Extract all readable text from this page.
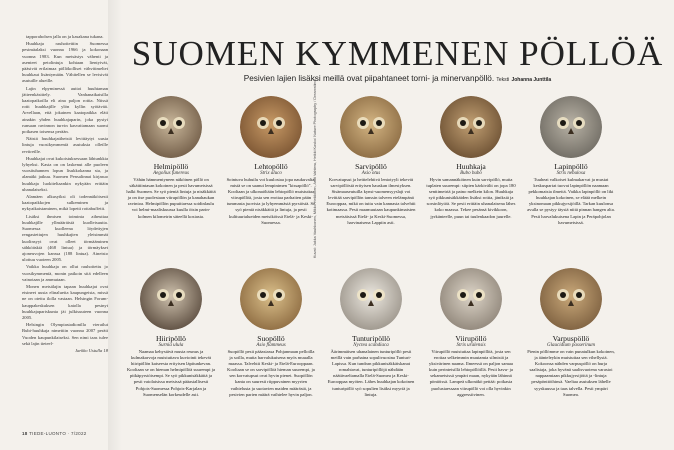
tapporaholsen jalla on ja kasakana tukana.

Huuhkaja rauhoitettiin Suomessa pesimäalaksi vuonna 1966 ja kokonaan vuonna 1983. Kun metsästys vähenti ja asenteet petolintuja kohtaan lientyivät, pääsivät erilaimaa pöllökolliset vähvitimeltet huuhkaut lisäntymään. Vähitellen se levisivät asutuille alueille.

Lajin elpyminessä auttoi huuhtaman jätteenkäsittely. Vanhanaikaisilla kaatopaikoilla eli aina paljon rottia. Niissä rotit huuhkajille ylön kyllin syötävää. Arvellaan, että jokainen kaatopaikka eläti ainakin yhden huuhkajaparin, joka pystyi runsaan ravinnon turvin kasvattamaan suomi poikasen toisensa perään.

Näistä huuhkajatiheistä levittäytyi uusia lintuja vuosikymmeniä asutuksia olleille reviireille.

Huuhkajat ovat kukoistuksessaan lähtunkkia lyhyeksi. Kasta on on laskenut alle puoleen vuosituhannen lopun lisukkokanna sta, ja alamäki jatkuu. Suomen Pensalinnai kirjasuo huuhkaja luokiteltaankin nykyään erittäin uhanalaiseksi.

Alamäen alkusyiksi oli todennäköisesti kaatopaikkojen sulkeminen ja nykyaikaistaminen, mikä lopetti rottabuffetit.

Lisäksi ihmisen toiminta aiheuttaa huuhkajille yllmääräistä kuolleisuutta. Suomessa kuolleena löydettyjen rengastettujen huuhkajien yleisimmät kuolinsyyt ovat olleet törmääminen sähköäskiä (468 lintua) ja törmäykset ajoneuvojen kanssa (188 lintua). Aineisto ulottuu vuoteen 2005.

Vaikka huuhkaja on ollut rauhoitettu jo vuosikymmeniä, monin paikoin sitä edelleen vainotaan ja ammutaan.

Monen metsälajin tapaan huuhkajat ovat etsineet uusia elinalueita kaupungeista, missä ne on otettu ilolla vastaan. Helsingin Forum-kauppakeskuksen katolla pesinyt huuhkajapariskunta jäi julkisuuteen vuonna 2005.

Helsingin Olympiastadionilla vierailut Bubi-huuhkaja nimettiin vuonna 2007 peräti Vuoden kaupunkilaiseksi. Sen nimi taas tulee sekä lajin tieteel-

Jarkko Ustulla 18
18 TIEDE-LUONTO · 7/2022
SUOMEN KYMMENEN PÖLLÖÄ
Pesivien lajien lisäksi meillä ovat piipahtaneet torni- ja minervanpöllö. Teksti Johanna Junttila
Kuvat: Jukka Vauhkonen, Mikko Heikkinen, Antti Vahtera, Heikki Kasko/ Nature Photography / Dreamstime
Helmipöllö
Aegolius funereus
Vähän hämmentyneen näköinen pöllö on säkättiintasan kokoinen ja pesii havumetsissä halki Suomen. Se syö pieniä lintuja ja nisäkkäitä ja on itse puolestaan viirupöllön ja kanahaukan ravintoa. Helmipöllön pupuittaessa soidinlaulu voi helmi-maaliskuussa kuulla öisin parin-kolmen kilometrin säteellä kosiasta.
Lehtopöllö
Strix aluco
Sointuva huhuilu voi kuulostaa jopa naukuvalta, mistä se on saanut lempinimen "kissapöllö". Kooltaan ja ulkonaöltään lehtopöllö muistuttaa viirupöllöä, josta sen erottaa parhaiten pään tummasta juovista ja lyhyemmästä pyrstöstä. Se syö pieniä nisäkkäitä ja lintuja, ja pesii kulttuurialueiden metsiköissä Etelä- ja Keski-Suomessa.
Sarvipöllö
Asio otus
Korvatupsut ja heittelehtivä lentotyyli tekevät sarvipöllöstä erityisen hauskan ilmestyksen. Sisämaaseutuilla kynsi-suomensyyslaji voi levittää sarvipöllön tanssin talveen etelämpänä Eurooppaa, mikä on tuttu vain kannasta talvehtii kotimaassa. Pesii maamuutaan kaupunkimaisten metsäisissä Etelä- ja Keski-Suomessa, harvinaisena Lappiin asti.
Huuhkaja
Bubo bubo
Hyvin samannäköinen kuin sarvipöllö, mutta tuplaten suurempi: siipien kärkivälit on jopa 180 senttimetriä ja paino melkein kilon. Huuhkaja syö pikkunisäkkäiden lisäksi rottia, jäniksiä ja sorsinlöytöä. Se pesii erittäin uhanalaisena lähes koko maassa. Tekee pesänsä kivikkoon, jyrkänteelle, puun tai tuulenkaadon juurelle.
Lapinpöllö
Strix nebulosa
Tuuheat valkoiset kulmakarvat ja mustat keskuspartat tuovat lapinpöllön naamaan pekkomaisia ilmeitä. Vaikka lapinpöllö on liki huuhkajan kokoinen, se eläää melkein yksinomaan pikkujyrsijöillä. Tarkan kuulonsa avulla se pystyy täysiä niitä pinnan hangen alta. Pesii harvalukuisena Lapin ja Peräpohjolan havumetsissä.
Hiiripöllö
Surnia ulula
Naamaa kehystävä musta reunus ja kulmakarvoja muistuttava kuviointi tekevät hiiripöllön katseesta erityisen läpitunkevan. Kooltaan se on hieman helmipöllöä suurempi ja pitkäpyrstöisempi. Se syö pikkunisäkkäitä ja pesii vaiolaisissa metsissä pääasiallisesti Pohjois-Suomessa Pohjois-Karjalan ja Suomenselän korkeudelle asti.
Suopöllö
Asio flammeus
Suopöllö pesii pääasiassa Pohjanmaan pelloilla ja soilla, mutta harvalukuisena myös muualla maassa. Talvehtii Keski- ja Etelä-Eurooppaan. Kooltaan se on sarvipöllöä hieman suurempi, ja sen korvatupsut ovat hyvin pienet. Suopöllön kanta on suuresti riippuvainen myyrien vaihtelusta ja suotavien maiden määrästä, ja pesivien parien määrä vaihtelee hyvin paljon.
Tunturipöllö
Nyctea scandiaca
Äärimmäisen uhanalainen tunturipöllö pesii meillä vain parhaina sopulivuosina Tunturi-Lapissa. Kun tundran pikkunisäkkäiskanat romahtavat, tunturipöllöjä nähdään näätävaeltamalla Etelä-Suomea ja Keski-Eurooppaa myöten. Lähes huuhkajan kokoinen tunturipöllö syö sopulien lisäksi myyriä ja lintuja.
Viirupöllö
Strix uralensis
Viirupöllö muistuttaa lapinpöllöä, josta sen erottaa selkeimmin muutamia silmistä ja yksivärinen naama. Ilmeessä on paljon samaa kuin perinteisillä lehtopöllöillä. Pesii havu- ja sekametsissä ympäri maan, nykyään lähinnä pöntöissä. Lampeä ulkonäkö pettää: poikasia puolustaessaan viirupöllö voi olla hyvinkin aggressiivinen.
Varpuspöllö
Glaucidium passerinum
Pienin pöllömme on vain punatulkun kokoinen, ja äänteleykin muistuttaa sen vihellystä. Kokoonsa nähden varpuspöllö on hurja saalistaja, joka hyvänä saalisvuotena varastoi nappaamiaan pikkujyrsijöitä ja -lintuja pesäpönttöihinsä. Vaeltaa asutuksen lähelle syyskuussa ja taas talvella. Pesii ympäri Suomea.
